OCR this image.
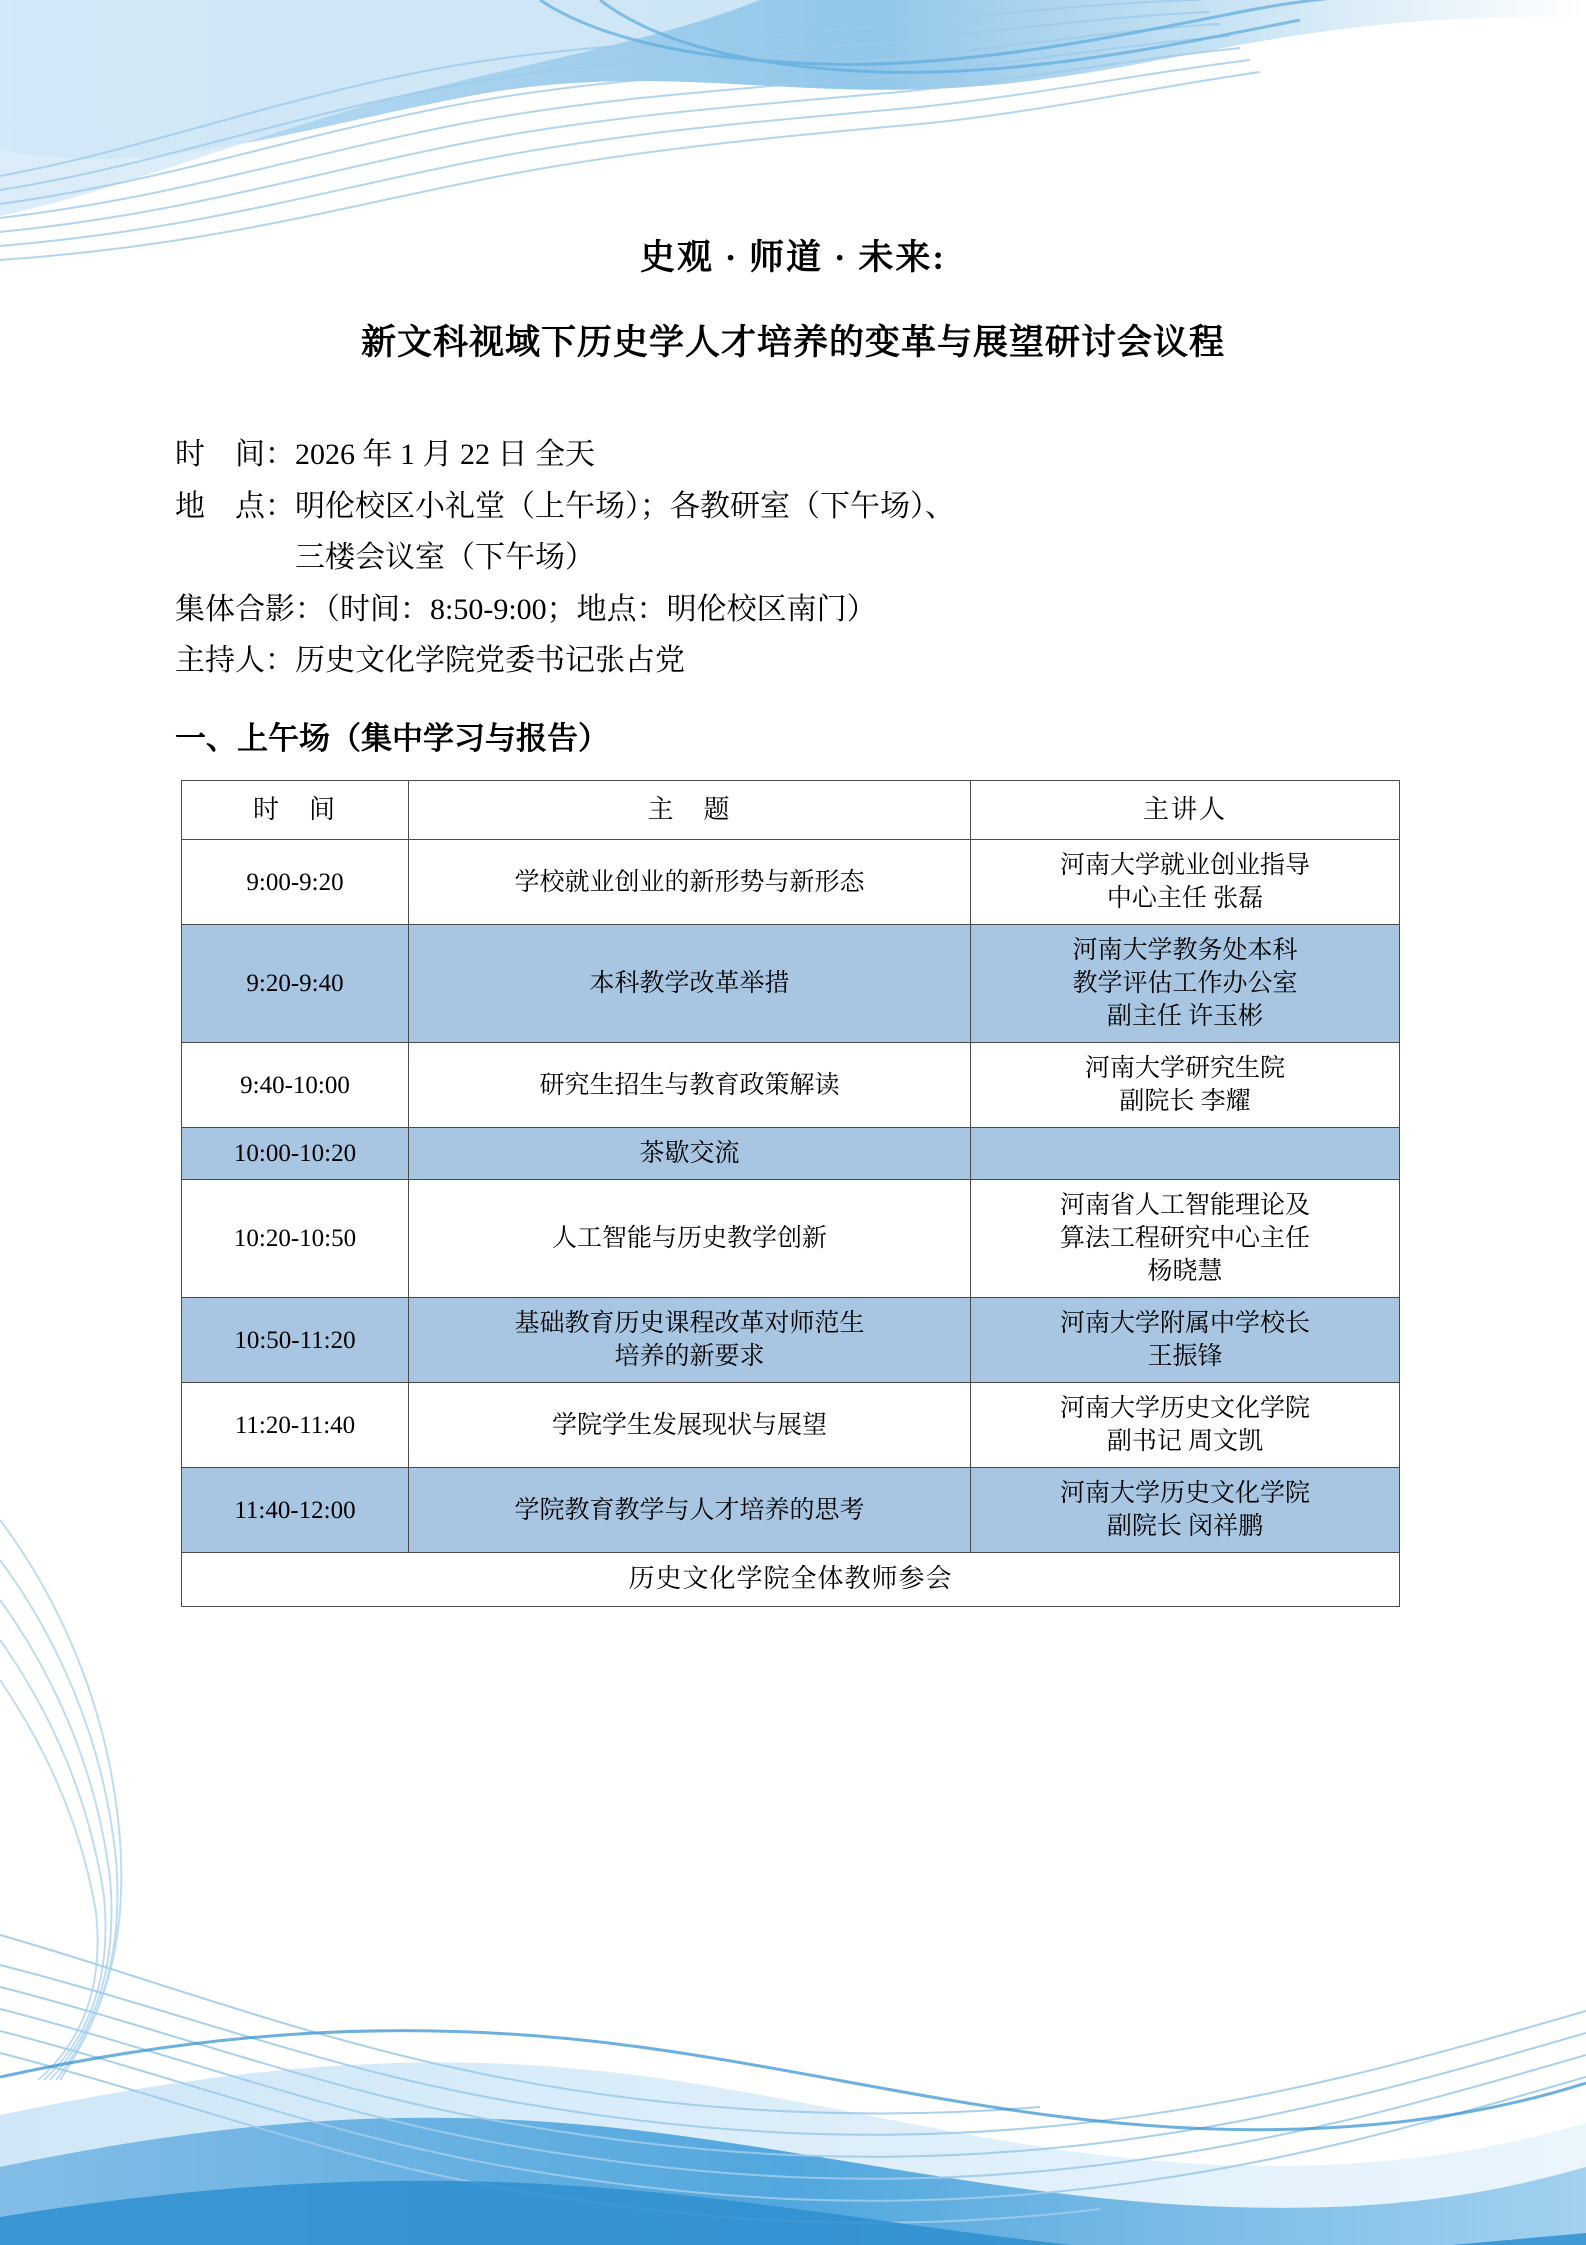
史观 · 师道 · 未来:
新文科视域下历史学人才培养的变革与展望研讨会议程
时　间：2026 年 1 月 22 日 全天
地　点：明伦校区小礼堂（上午场）；各教研室（下午场）、
三楼会议室（下午场）
集体合影：（时间：8:50-9:00；地点：明伦校区南门）
主持人：历史文化学院党委书记张占党
一、上午场（集中学习与报告）
时　间	主　题	主讲人
9:00-9:20	学校就业创业的新形势与新形态	河南大学就业创业指导
中心主任 张磊
9:20-9:40	本科教学改革举措	河南大学教务处本科
教学评估工作办公室
副主任 许玉彬
9:40-10:00	研究生招生与教育政策解读	河南大学研究生院
副院长 李耀
10:00-10:20	茶歇交流	
10:20-10:50	人工智能与历史教学创新	河南省人工智能理论及
算法工程研究中心主任
杨晓慧
10:50-11:20	基础教育历史课程改革对师范生
培养的新要求	河南大学附属中学校长
王振锋
11:20-11:40	学院学生发展现状与展望	河南大学历史文化学院
副书记 周文凯
11:40-12:00	学院教育教学与人才培养的思考	河南大学历史文化学院
副院长 闵祥鹏
历史文化学院全体教师参会		
